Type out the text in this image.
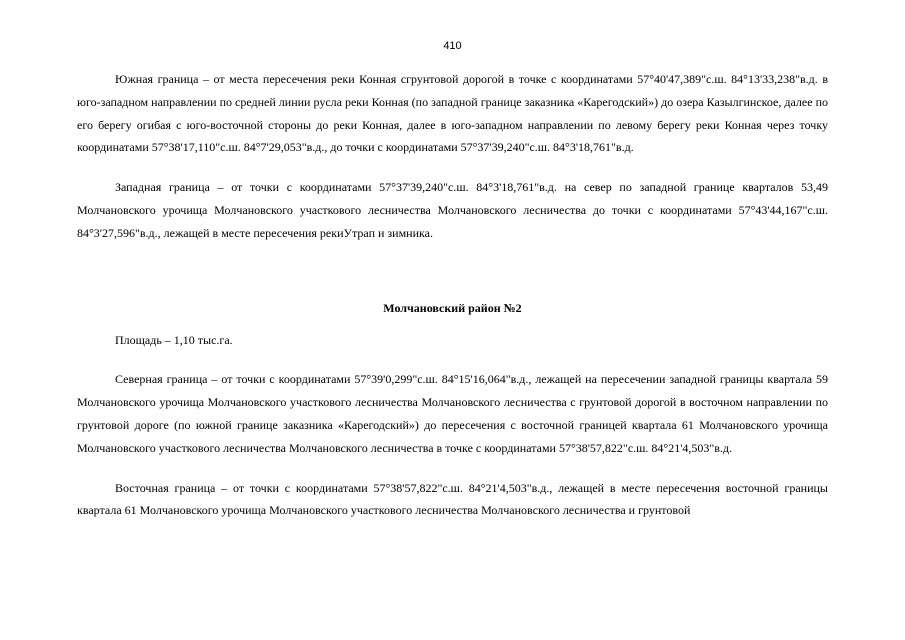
410

Южная граница – от места пересечения реки Конная сгрунтовой дорогой в точке с координатами 57°40'47,389"с.ш. 84°13'33,238"в.д. в юго-западном направлении по средней линии русла реки Конная (по западной границе заказника «Карегодский») до озера Казылгинское, далее по его берегу огибая с юго-восточной стороны до реки Конная, далее в юго-западном направлении по левому берегу реки Конная через точку координатами 57°38'17,110"с.ш. 84°7'29,053"в.д., до точки с координатами 57°37'39,240"с.ш. 84°3'18,761"в.д.

Западная граница – от точки с координатами 57°37'39,240"с.ш. 84°3'18,761"в.д. на север по западной границе кварталов 53,49 Молчановского урочища Молчановского участкового лесничества Молчановского лесничества до точки с координатами 57°43'44,167"с.ш. 84°3'27,596"в.д., лежащей в месте пересечения рекиУтрап и зимника.

Молчановский район №2

Площадь – 1,10 тыс.га.

Северная граница – от точки с координатами 57°39'0,299"с.ш. 84°15'16,064"в.д., лежащей на пересечении западной границы квартала 59 Молчановского урочища Молчановского участкового лесничества Молчановского лесничества с грунтовой дорогой в восточном направлении по грунтовой дороге (по южной границе заказника «Карегодский») до пересечения с восточной границей квартала 61 Молчановского урочища Молчановского участкового лесничества Молчановского лесничества в точке с координатами 57°38'57,822"с.ш. 84°21'4,503"в.д.

Восточная граница – от точки с координатами 57°38'57,822"с.ш. 84°21'4,503"в.д., лежащей в месте пересечения восточной границы квартала 61 Молчановского урочища Молчановского участкового лесничества Молчановского лесничества и грунтовой
